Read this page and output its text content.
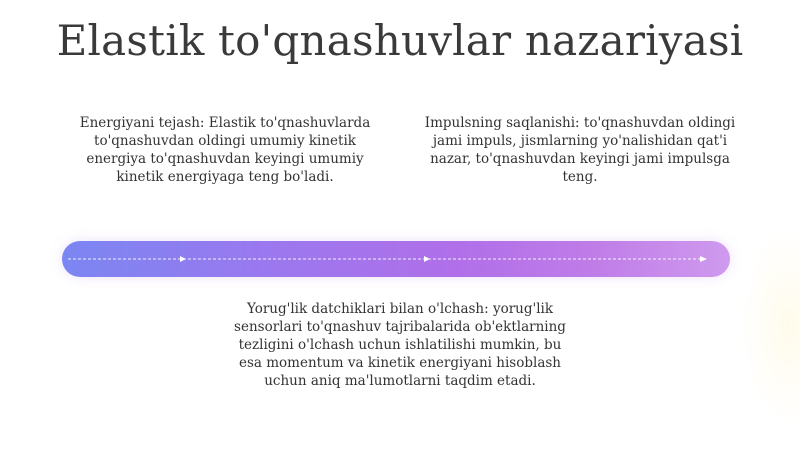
Elastik to'qnashuvlar nazariyasi
Energiyani tejash: Elastik to'qnashuvlarda to'qnashuvdan oldingi umumiy kinetik energiya to'qnashuvdan keyingi umumiy kinetik energiyaga teng bo'ladi.
Impulsning saqlanishi: to'qnashuvdan oldingi jami impuls, jismlarning yo'nalishidan qat'i nazar, to'qnashuvdan keyingi jami impulsga teng.
Yorug'lik datchiklari bilan o'lchash: yorug'lik sensorlari to'qnashuv tajribalarida ob'ektlarning tezligini o'lchash uchun ishlatilishi mumkin, bu esa momentum va kinetik energiyani hisoblash uchun aniq ma'lumotlarni taqdim etadi.
